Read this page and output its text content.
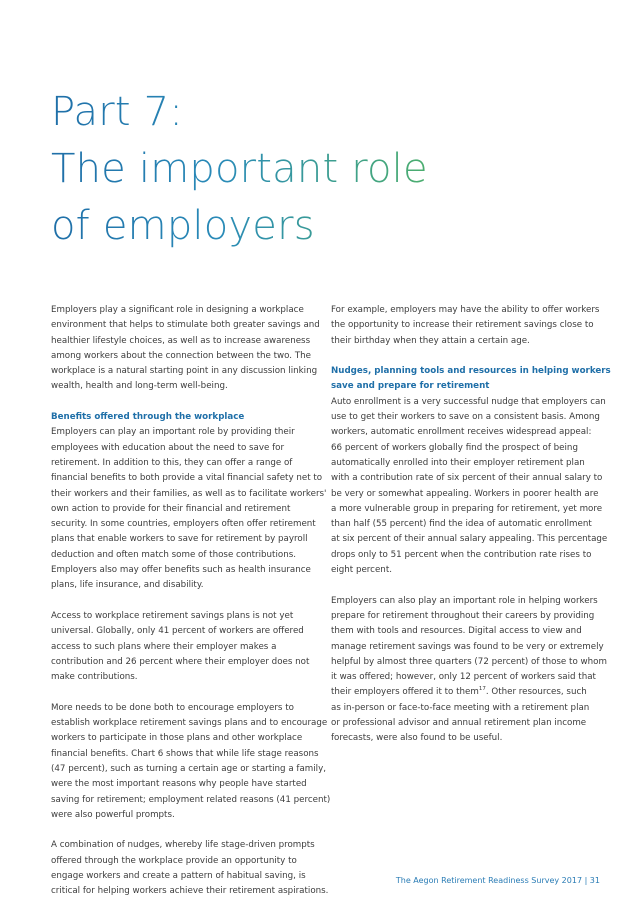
Part 7:
The important role
of employers

Employers play a significant role in designing a workplace
environment that helps to stimulate both greater savings and
healthier lifestyle choices, as well as to increase awareness
among workers about the connection between the two. The
workplace is a natural starting point in any discussion linking
wealth, health and long-term well-being.

Benefits offered through the workplace
Employers can play an important role by providing their
employees with education about the need to save for
retirement. In addition to this, they can offer a range of
financial benefits to both provide a vital financial safety net to
their workers and their families, as well as to facilitate workers'
own action to provide for their financial and retirement
security. In some countries, employers often offer retirement
plans that enable workers to save for retirement by payroll
deduction and often match some of those contributions.
Employers also may offer benefits such as health insurance
plans, life insurance, and disability.

Access to workplace retirement savings plans is not yet
universal. Globally, only 41 percent of workers are offered
access to such plans where their employer makes a
contribution and 26 percent where their employer does not
make contributions.

More needs to be done both to encourage employers to
establish workplace retirement savings plans and to encourage
workers to participate in those plans and other workplace
financial benefits. Chart 6 shows that while life stage reasons
(47 percent), such as turning a certain age or starting a family,
were the most important reasons why people have started
saving for retirement; employment related reasons (41 percent)
were also powerful prompts.

A combination of nudges, whereby life stage-driven prompts
offered through the workplace provide an opportunity to
engage workers and create a pattern of habitual saving, is
critical for helping workers achieve their retirement aspirations.

For example, employers may have the ability to offer workers
the opportunity to increase their retirement savings close to
their birthday when they attain a certain age.

Nudges, planning tools and resources in helping workers
save and prepare for retirement
Auto enrollment is a very successful nudge that employers can
use to get their workers to save on a consistent basis. Among
workers, automatic enrollment receives widespread appeal:
66 percent of workers globally find the prospect of being
automatically enrolled into their employer retirement plan
with a contribution rate of six percent of their annual salary to
be very or somewhat appealing. Workers in poorer health are
a more vulnerable group in preparing for retirement, yet more
than half (55 percent) find the idea of automatic enrollment
at six percent of their annual salary appealing. This percentage
drops only to 51 percent when the contribution rate rises to
eight percent.

Employers can also play an important role in helping workers
prepare for retirement throughout their careers by providing
them with tools and resources. Digital access to view and
manage retirement savings was found to be very or extremely
helpful by almost three quarters (72 percent) of those to whom
it was offered; however, only 12 percent of workers said that
their employers offered it to them$^{17}$. Other resources, such
as in-person or face-to-face meeting with a retirement plan
or professional advisor and annual retirement plan income
forecasts, were also found to be useful.

The Aegon Retirement Readiness Survey 2017 | 31
